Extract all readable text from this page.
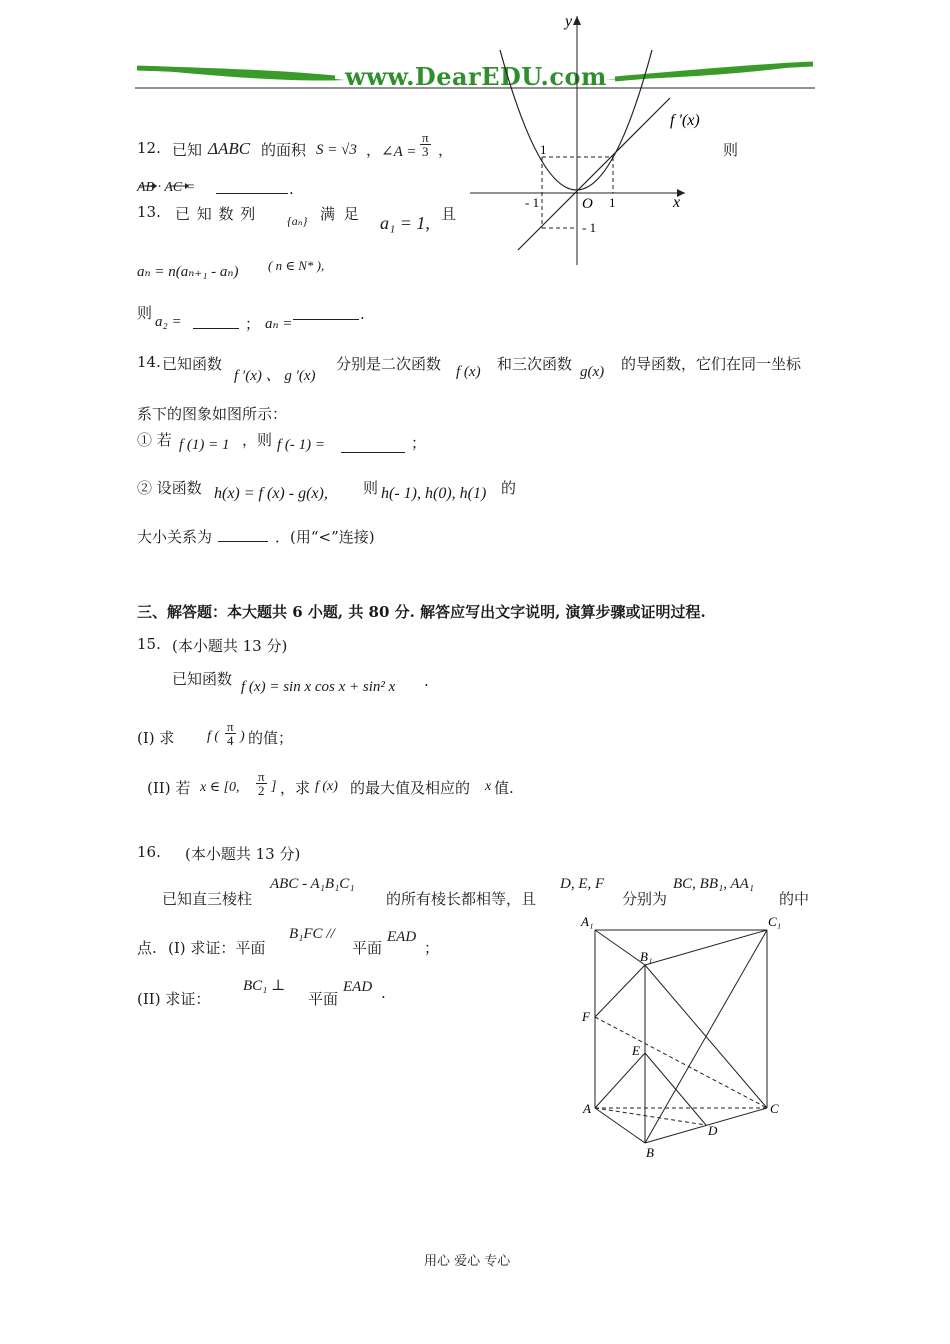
www.DearEDU.com
y
x
O
f ′(x)
1
- 1	1
- 1
12. 已知 ΔABC 的面积 S = √3 ， ∠A = $\frac{\pi}{3}$ ，	则
AB · AC =	.
13. 已 知 数 列	{aₙ} 满 足 a₁ = 1, 且
aₙ = n(aₙ₊₁ - aₙ) ( n ∈ N* ),
则 a₂ =	； aₙ =
.
14. 已知函数
f ′(x) 、 g ′(x)
分别是二次函数 f (x) 和三次函数 g(x) 的导函数，它们在同一坐标
系下的图象如图所示：
① 若 f (1) = 1 ，则 f (- 1) =	；
② 设函数 h(x) = f (x) - g(x), 则 h(- 1), h(0), h(1) 的
大小关系为	．(用“<”连接)
三、解答题：本大题共 6 小题, 共 80 分. 解答应写出文字说明, 演算步骤或证明过程.
15. (本小题共 13 分)
已知函数 f (x) = sin x cos x + sin² x .
(Ⅰ) 求 f ( $\frac{\pi}{4}$ ) 的值；
(II) 若 x ∈ [0, $\frac{\pi}{2}$ ] ，求 f (x) 的最大值及相应的 x 值.
16. (本小题共 13 分)
已知直三棱柱
ABC - A₁B₁C₁
的所有棱长都相等，且
D, E, F
分别为
BC, BB₁, AA₁
的中
点. (I) 求证：平面
B₁FC //
平面
EAD
；
(II) 求证：
BC₁ ⊥
平面
EAD .
A₁	C₁
B₁
F
E
A	C
D
B
用心 爱心 专心
